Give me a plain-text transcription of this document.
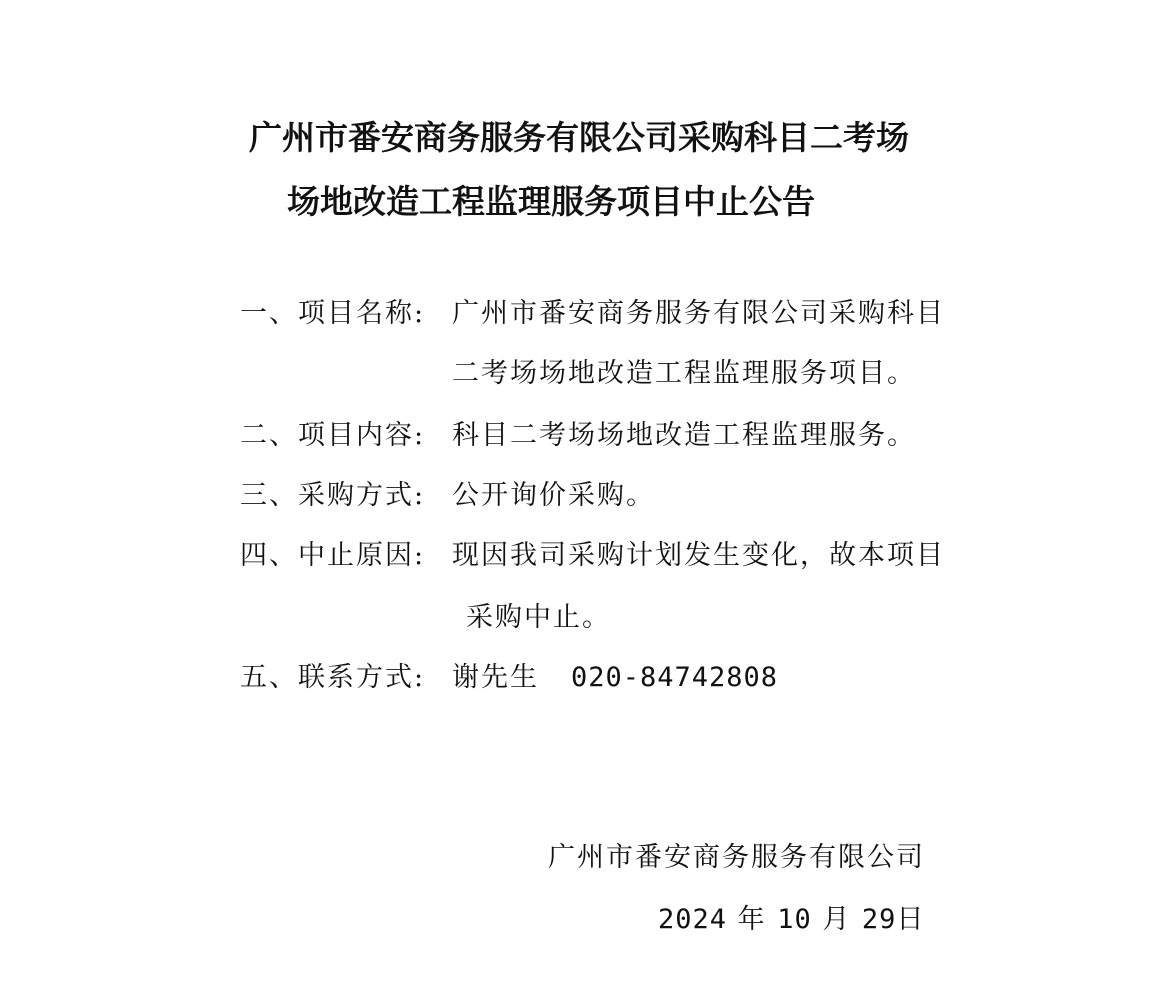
广州市番安商务服务有限公司采购科目二考场
场地改造工程监理服务项目中止公告
一、项目名称: 广州市番安商务服务有限公司采购科目
二考场场地改造工程监理服务项目。
二、项目内容: 科目二考场场地改造工程监理服务。
三、采购方式: 公开询价采购。
四、中止原因: 现因我司采购计划发生变化，故本项目
采购中止。
五、联系方式: 谢先生 020-84742808
广州市番安商务服务有限公司
2024 年 10 月 29日
